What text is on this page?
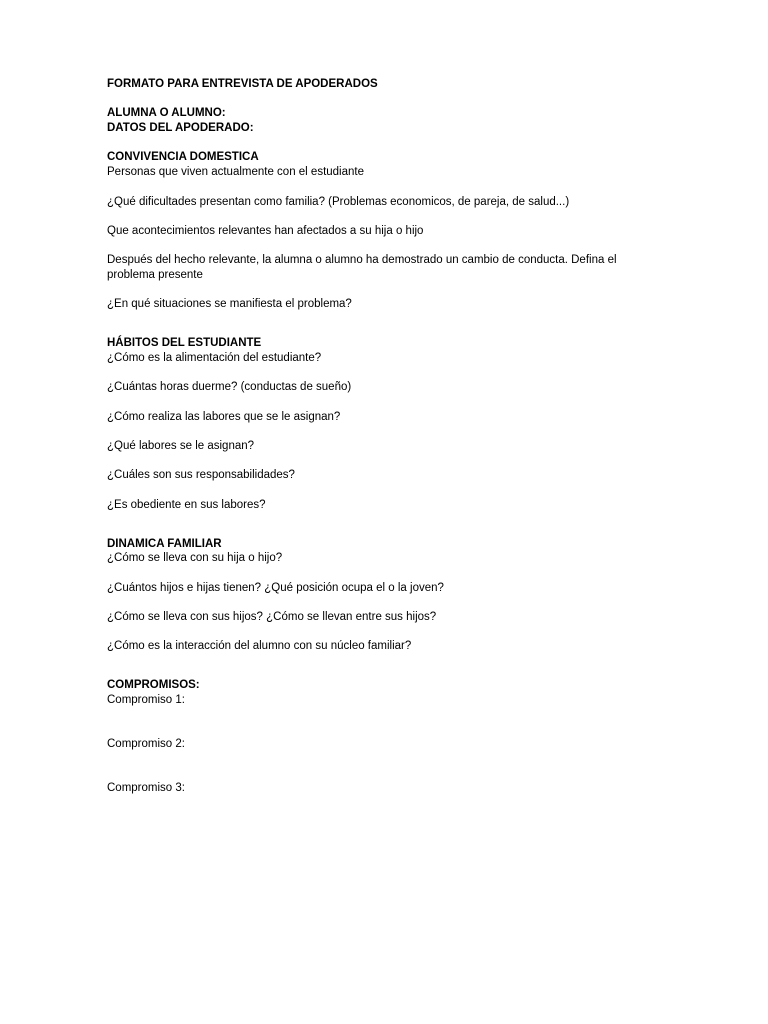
FORMATO PARA ENTREVISTA DE APODERADOS
ALUMNA O ALUMNO:
DATOS DEL APODERADO:
CONVIVENCIA DOMESTICA
Personas que viven actualmente con el estudiante
¿Qué dificultades presentan como familia? (Problemas economicos, de pareja, de salud...)
Que acontecimientos relevantes han afectados a su hija o hijo
Después del hecho relevante, la alumna o alumno ha demostrado un cambio de conducta. Defina el problema presente
¿En qué situaciones se manifiesta el problema?
HÁBITOS DEL ESTUDIANTE
¿Cómo es la alimentación del estudiante?
¿Cuántas horas duerme? (conductas de sueño)
¿Cómo realiza las labores que se le asignan?
¿Qué labores se le asignan?
¿Cuáles son sus responsabilidades?
¿Es obediente en sus labores?
DINAMICA FAMILIAR
¿Cómo se lleva con su hija o hijo?
¿Cuántos hijos e hijas tienen? ¿Qué posición ocupa el o la joven?
¿Cómo se lleva con sus hijos? ¿Cómo se llevan entre sus hijos?
¿Cómo es la interacción del alumno con su núcleo familiar?
COMPROMISOS:
Compromiso 1:
Compromiso 2:
Compromiso 3:
